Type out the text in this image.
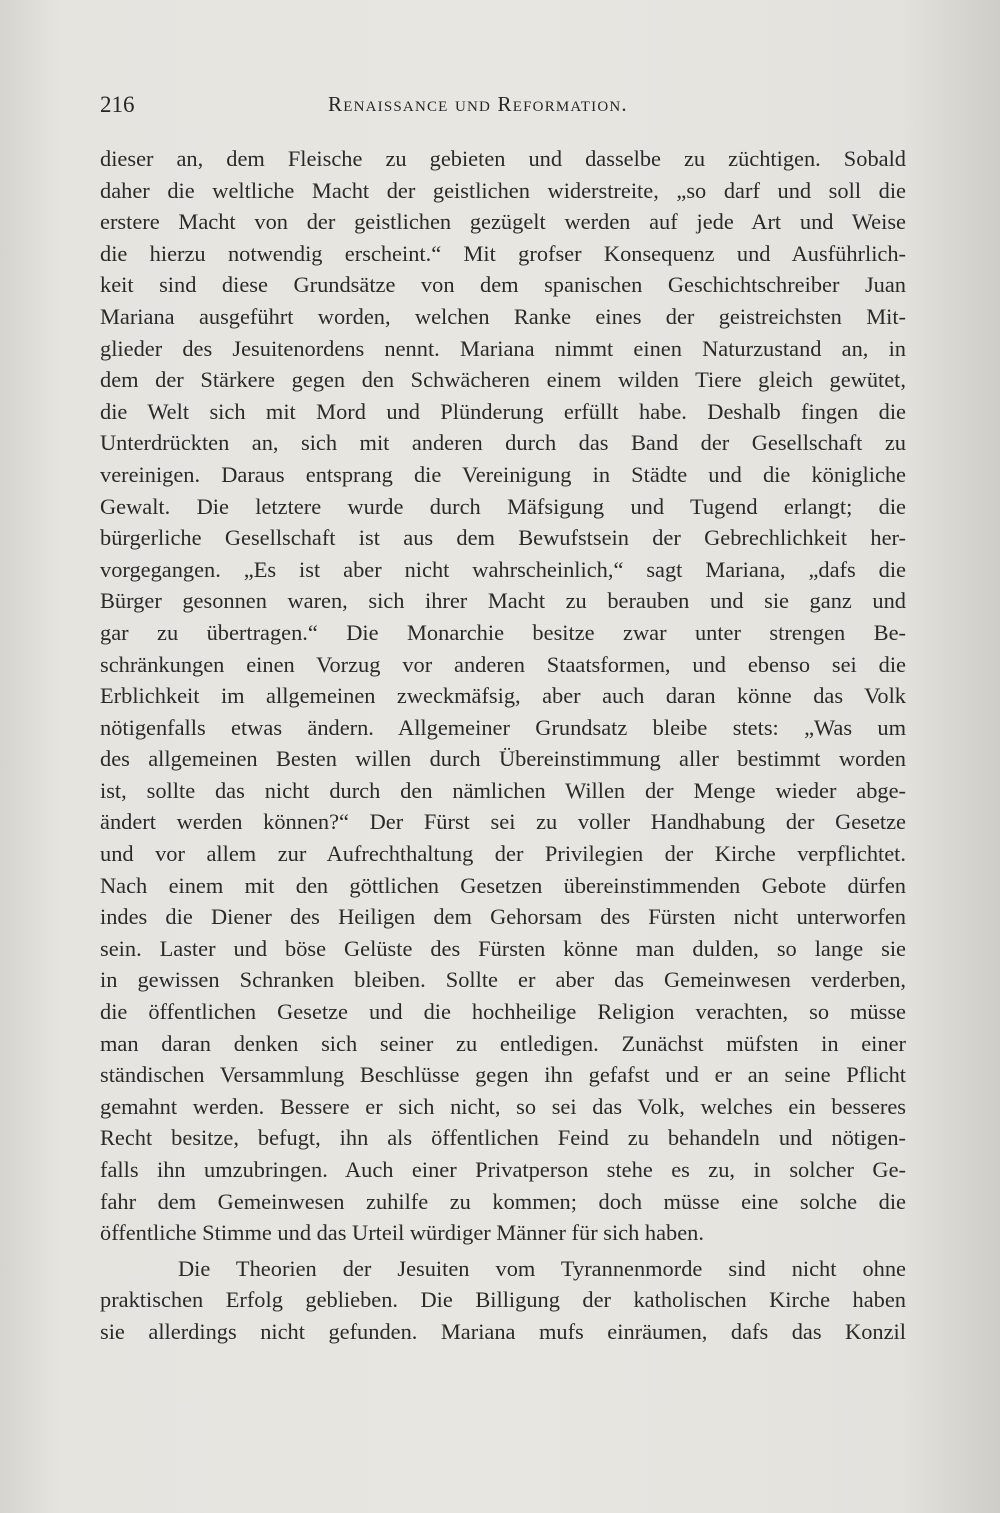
216	Renaissance und Reformation.
dieser an, dem Fleische zu gebieten und dasselbe zu züchtigen. Sobald
daher die weltliche Macht der geistlichen widerstreite, „so darf und soll die
erstere Macht von der geistlichen gezügelt werden auf jede Art und Weise
die hierzu notwendig erscheint.“ Mit grofser Konsequenz und Ausführlich-
keit sind diese Grundsätze von dem spanischen Geschichtschreiber Juan
Mariana ausgeführt worden, welchen Ranke eines der geistreichsten Mit-
glieder des Jesuitenordens nennt. Mariana nimmt einen Naturzustand an, in
dem der Stärkere gegen den Schwächeren einem wilden Tiere gleich gewütet,
die Welt sich mit Mord und Plünderung erfüllt habe. Deshalb fingen die
Unterdrückten an, sich mit anderen durch das Band der Gesellschaft zu
vereinigen. Daraus entsprang die Vereinigung in Städte und die königliche
Gewalt. Die letztere wurde durch Mäfsigung und Tugend erlangt; die
bürgerliche Gesellschaft ist aus dem Bewufstsein der Gebrechlichkeit her-
vorgegangen. „Es ist aber nicht wahrscheinlich,“ sagt Mariana, „dafs die
Bürger gesonnen waren, sich ihrer Macht zu berauben und sie ganz und
gar zu übertragen.“ Die Monarchie besitze zwar unter strengen Be-
schränkungen einen Vorzug vor anderen Staatsformen, und ebenso sei die
Erblichkeit im allgemeinen zweckmäfsig, aber auch daran könne das Volk
nötigenfalls etwas ändern. Allgemeiner Grundsatz bleibe stets: „Was um
des allgemeinen Besten willen durch Übereinstimmung aller bestimmt worden
ist, sollte das nicht durch den nämlichen Willen der Menge wieder abge-
ändert werden können?“ Der Fürst sei zu voller Handhabung der Gesetze
und vor allem zur Aufrechthaltung der Privilegien der Kirche verpflichtet.
Nach einem mit den göttlichen Gesetzen übereinstimmenden Gebote dürfen
indes die Diener des Heiligen dem Gehorsam des Fürsten nicht unterworfen
sein. Laster und böse Gelüste des Fürsten könne man dulden, so lange sie
in gewissen Schranken bleiben. Sollte er aber das Gemeinwesen verderben,
die öffentlichen Gesetze und die hochheilige Religion verachten, so müsse
man daran denken sich seiner zu entledigen. Zunächst müfsten in einer
ständischen Versammlung Beschlüsse gegen ihn gefafst und er an seine Pflicht
gemahnt werden. Bessere er sich nicht, so sei das Volk, welches ein besseres
Recht besitze, befugt, ihn als öffentlichen Feind zu behandeln und nötigen-
falls ihn umzubringen. Auch einer Privatperson stehe es zu, in solcher Ge-
fahr dem Gemeinwesen zuhilfe zu kommen; doch müsse eine solche die
öffentliche Stimme und das Urteil würdiger Männer für sich haben.
Die Theorien der Jesuiten vom Tyrannenmorde sind nicht ohne
praktischen Erfolg geblieben. Die Billigung der katholischen Kirche haben
sie allerdings nicht gefunden. Mariana mufs einräumen, dafs das Konzil
